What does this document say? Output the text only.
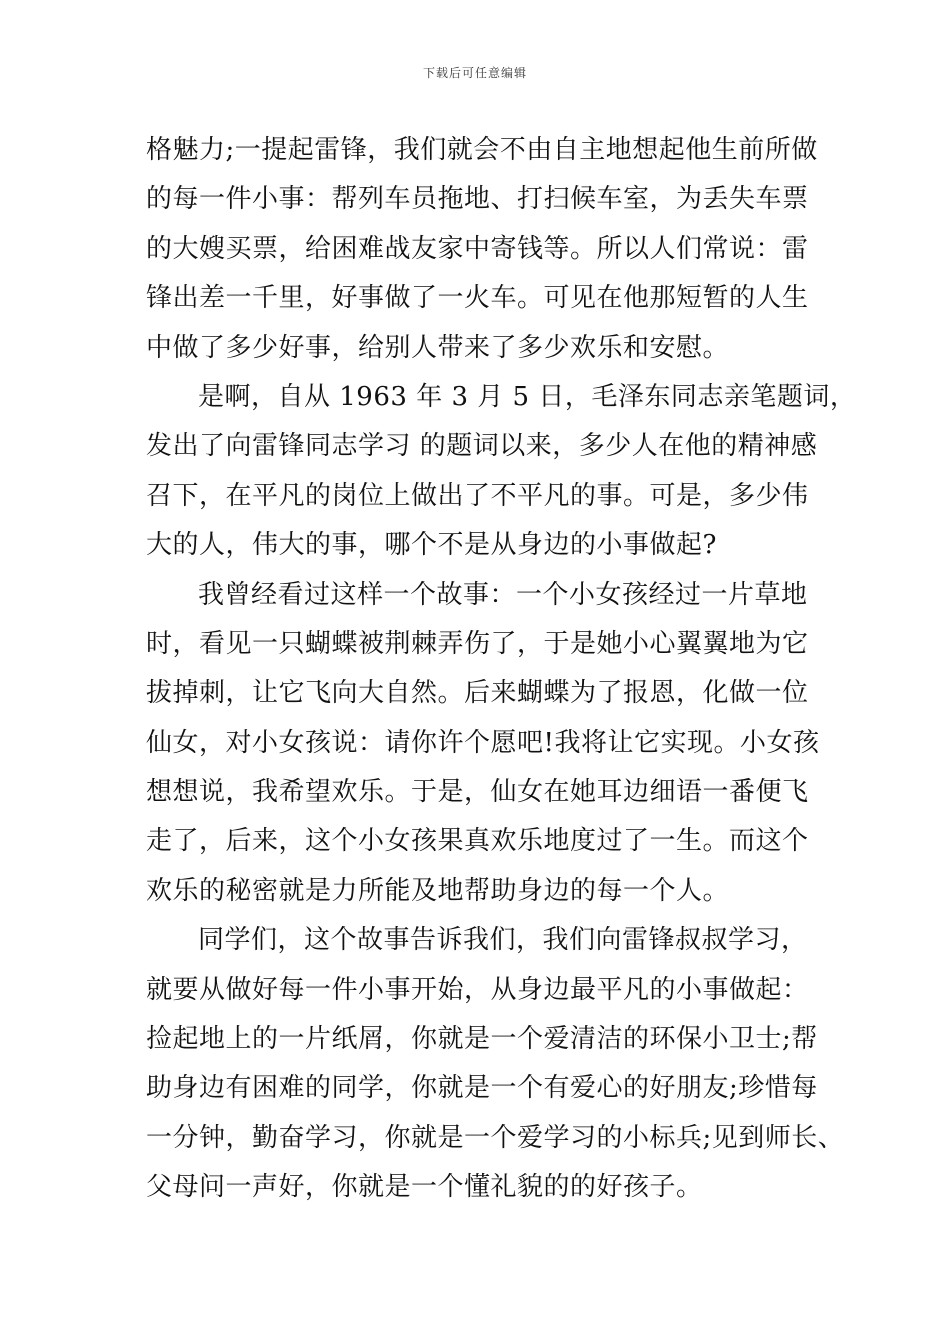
下载后可任意编辑
格魅力;一提起雷锋，我们就会不由自主地想起他生前所做
的每一件小事：帮列车员拖地、打扫候车室，为丢失车票
的大嫂买票，给困难战友家中寄钱等。所以人们常说：雷
锋出差一千里，好事做了一火车。可见在他那短暂的人生
中做了多少好事，给别人带来了多少欢乐和安慰。
是啊，自从 1963 年 3 月 5 日，毛泽东同志亲笔题词，
发出了向雷锋同志学习 的题词以来，多少人在他的精神感
召下，在平凡的岗位上做出了不平凡的事。可是，多少伟
大的人，伟大的事，哪个不是从身边的小事做起?
我曾经看过这样一个故事：一个小女孩经过一片草地
时，看见一只蝴蝶被荆棘弄伤了，于是她小心翼翼地为它
拔掉刺，让它飞向大自然。后来蝴蝶为了报恩，化做一位
仙女，对小女孩说：请你许个愿吧!我将让它实现。小女孩
想想说，我希望欢乐。于是，仙女在她耳边细语一番便飞
走了，后来，这个小女孩果真欢乐地度过了一生。而这个
欢乐的秘密就是力所能及地帮助身边的每一个人。
同学们，这个故事告诉我们，我们向雷锋叔叔学习，
就要从做好每一件小事开始，从身边最平凡的小事做起：
捡起地上的一片纸屑，你就是一个爱清洁的环保小卫士;帮
助身边有困难的同学，你就是一个有爱心的好朋友;珍惜每
一分钟，勤奋学习，你就是一个爱学习的小标兵;见到师长、
父母问一声好，你就是一个懂礼貌的的好孩子。
